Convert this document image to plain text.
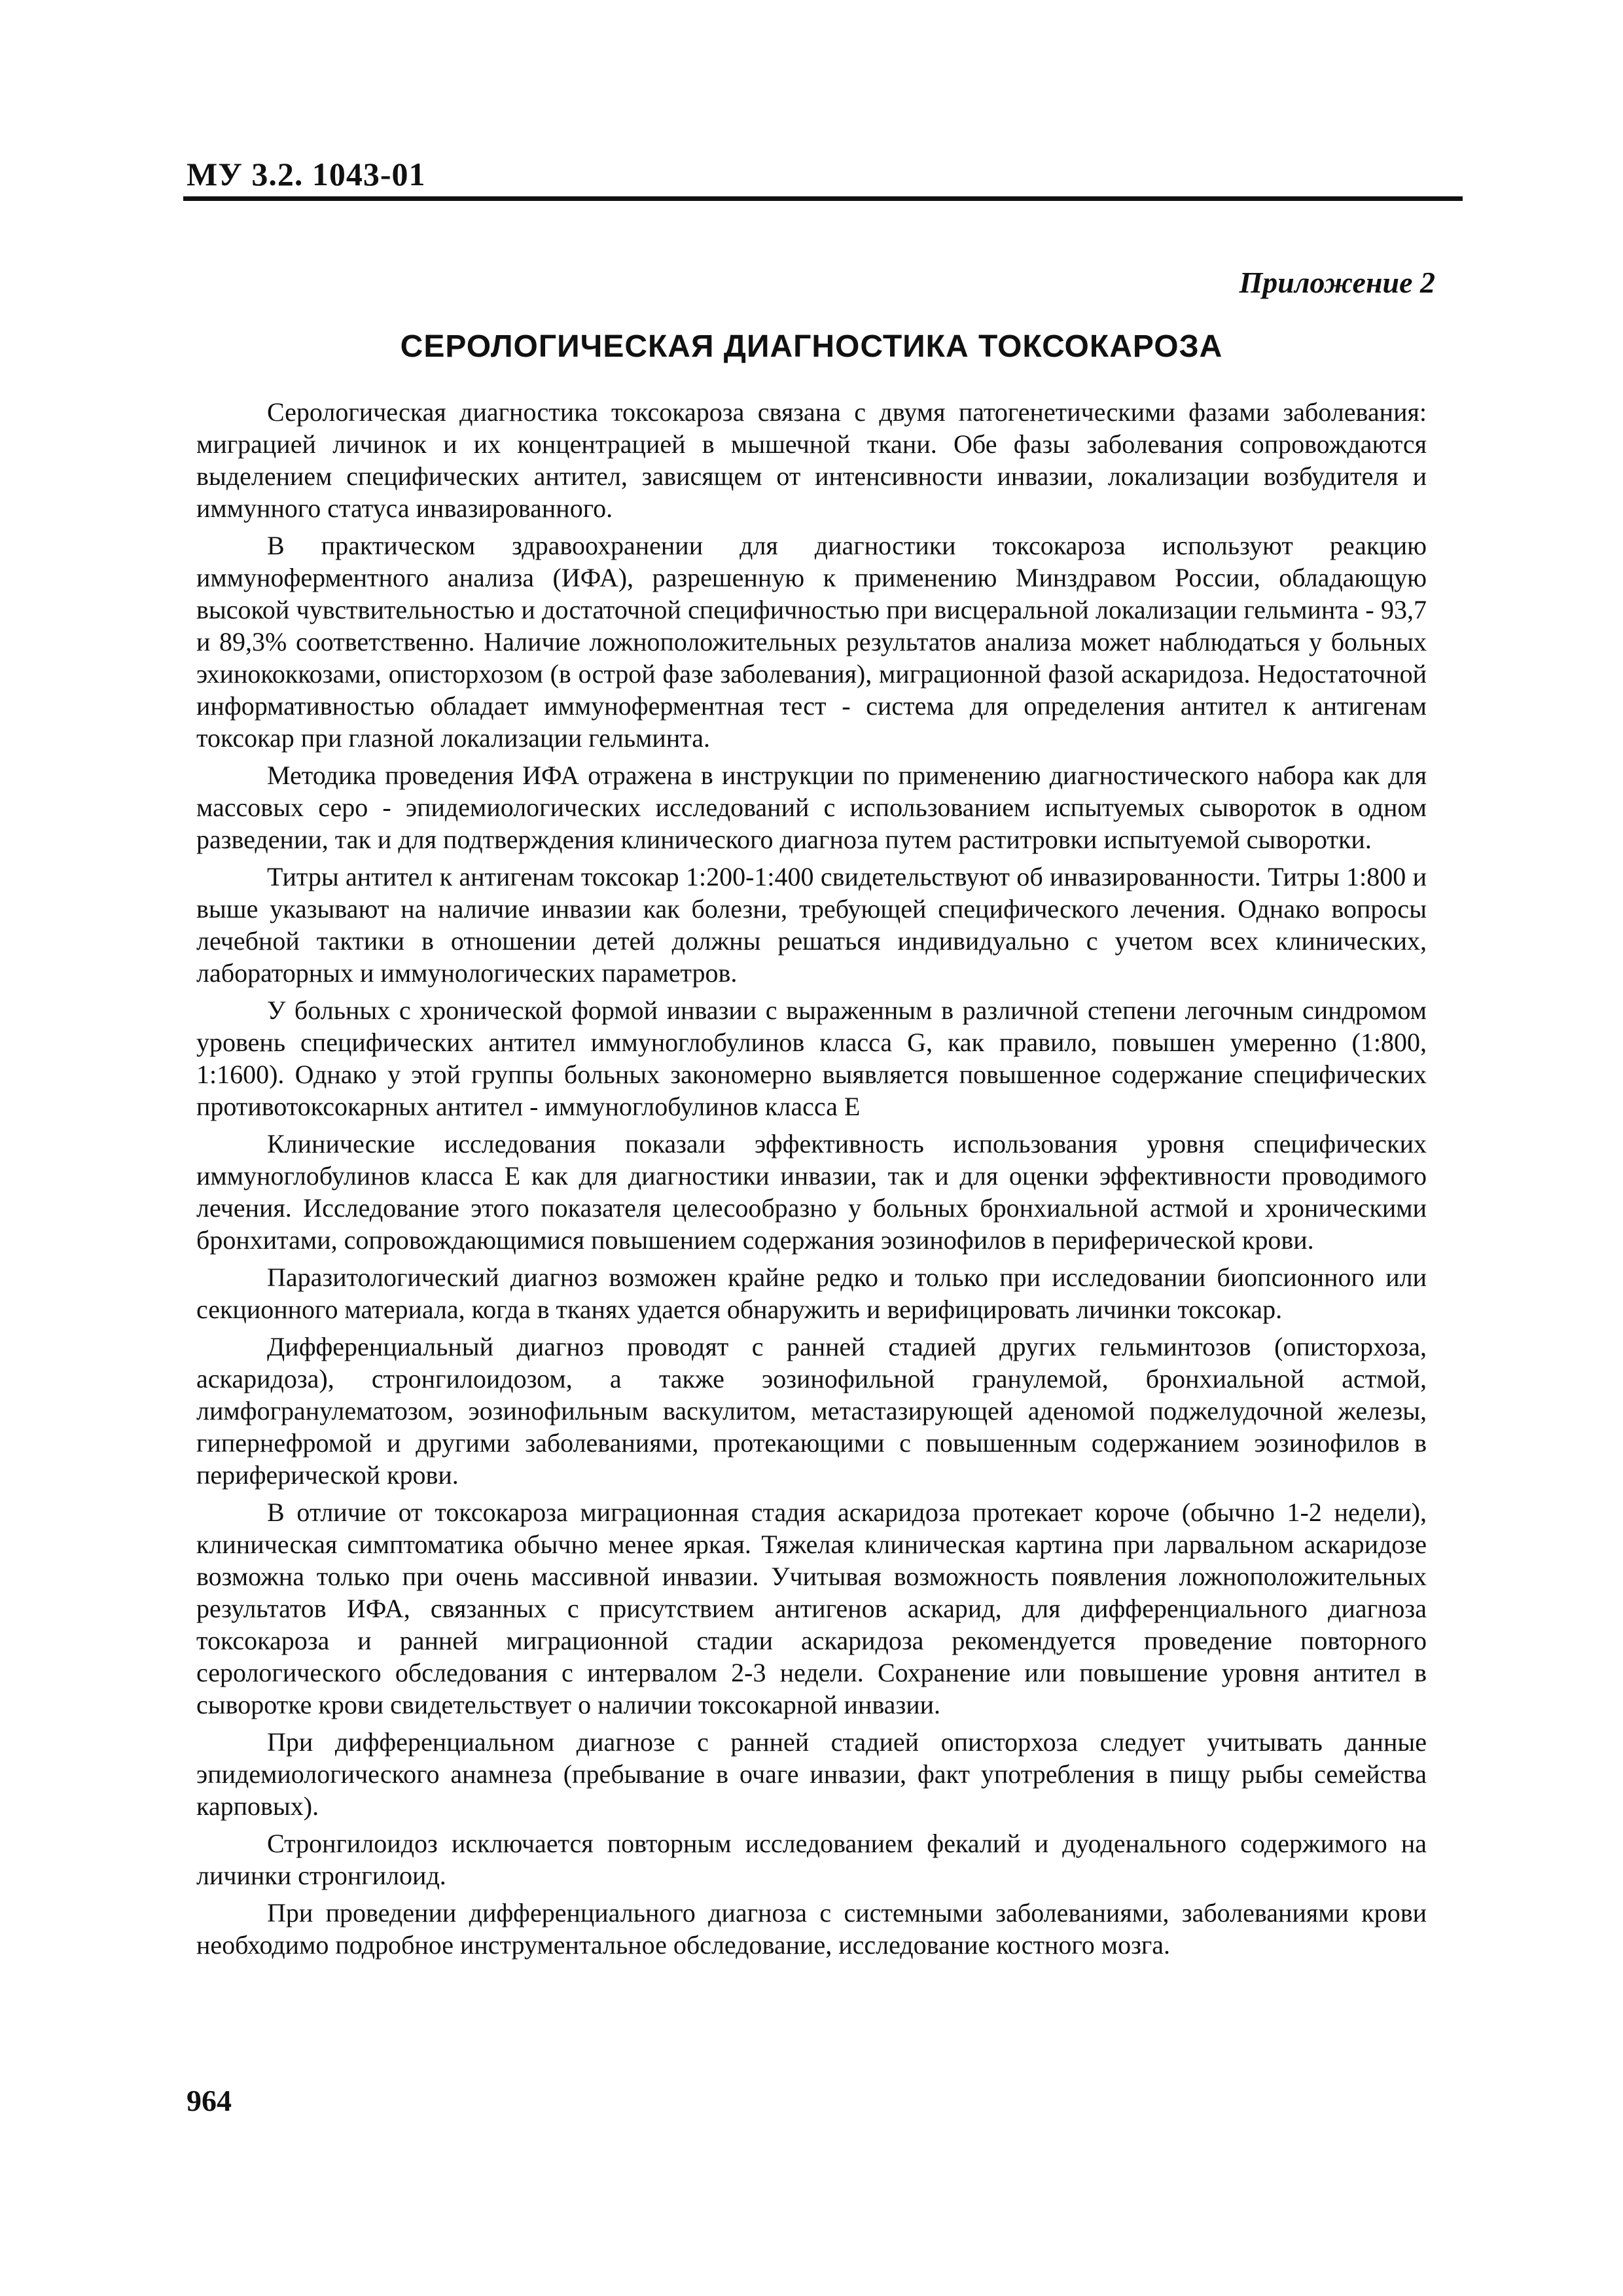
МУ 3.2. 1043-01
Приложение 2
СЕРОЛОГИЧЕСКАЯ ДИАГНОСТИКА ТОКСОКАРОЗА

Серологическая диагностика токсокароза связана с двумя патогенетическими фазами заболевания: миграцией личинок и их концентрацией в мышечной ткани. Обе фазы заболевания сопровождаются выделением специфических антител, зависящем от интенсивности инвазии, локализации возбудителя и иммунного статуса инвазированного.

В практическом здравоохранении для диагностики токсокароза используют реакцию иммуноферментного анализа (ИФА), разрешенную к применению Минздравом России, обладающую высокой чувствительностью и достаточной специфичностью при висцеральной локализации гельминта - 93,7 и 89,3% соответственно. Наличие ложноположительных результатов анализа может наблюдаться у больных эхинококкозами, описторхозом (в острой фазе заболевания), миграционной фазой аскаридоза. Недостаточной информативностью обладает иммуноферментная тест - система для определения антител к антигенам токсокар при глазной локализации гельминта.

Методика проведения ИФА отражена в инструкции по применению диагностического набора как для массовых серо - эпидемиологических исследований с использованием испытуемых сывороток в одном разведении, так и для подтверждения клинического диагноза путем раститровки испытуемой сыворотки.

Титры антител к антигенам токсокар 1:200-1:400 свидетельствуют об инвазированности. Титры 1:800 и выше указывают на наличие инвазии как болезни, требующей специфического лечения. Однако вопросы лечебной тактики в отношении детей должны решаться индивидуально с учетом всех клинических, лабораторных и иммунологических параметров.

У больных с хронической формой инвазии с выраженным в различной степени легочным синдромом уровень специфических антител иммуноглобулинов класса G, как правило, повышен умеренно (1:800, 1:1600). Однако у этой группы больных закономерно выявляется повышенное содержание специфических противотоксокарных антител - иммуноглобулинов класса Е

Клинические исследования показали эффективность использования уровня специфических иммуноглобулинов класса Е как для диагностики инвазии, так и для оценки эффективности проводимого лечения. Исследование этого показателя целесообразно у больных бронхиальной астмой и хроническими бронхитами, сопровождающимися повышением содержания эозинофилов в периферической крови.

Паразитологический диагноз возможен крайне редко и только при исследовании биопсионного или секционного материала, когда в тканях удается обнаружить и верифицировать личинки токсокар.

Дифференциальный диагноз проводят с ранней стадией других гельминтозов (описторхоза, аскаридоза), стронгилоидозом, а также эозинофильной гранулемой, бронхиальной астмой, лимфогранулематозом, эозинофильным васкулитом, метастазирующей аденомой поджелудочной железы, гипернефромой и другими заболеваниями, протекающими с повышенным содержанием эозинофилов в периферической крови.

В отличие от токсокароза миграционная стадия аскаридоза протекает короче (обычно 1-2 недели), клиническая симптоматика обычно менее яркая. Тяжелая клиническая картина при ларвальном аскаридозе возможна только при очень массивной инвазии. Учитывая возможность появления ложноположительных результатов ИФА, связанных с присутствием антигенов аскарид, для дифференциального диагноза токсокароза и ранней миграционной стадии аскаридоза рекомендуется проведение повторного серологического обследования с интервалом 2-3 недели. Сохранение или повышение уровня антител в сыворотке крови свидетельствует о наличии токсокарной инвазии.

При дифференциальном диагнозе с ранней стадией описторхоза следует учитывать данные эпидемиологического анамнеза (пребывание в очаге инвазии, факт употребления в пищу рыбы семейства карповых).

Стронгилоидоз исключается повторным исследованием фекалий и дуоденального содержимого на личинки стронгилоид.

При проведении дифференциального диагноза с системными заболеваниями, заболеваниями крови необходимо подробное инструментальное обследование, исследование костного мозга.

964
